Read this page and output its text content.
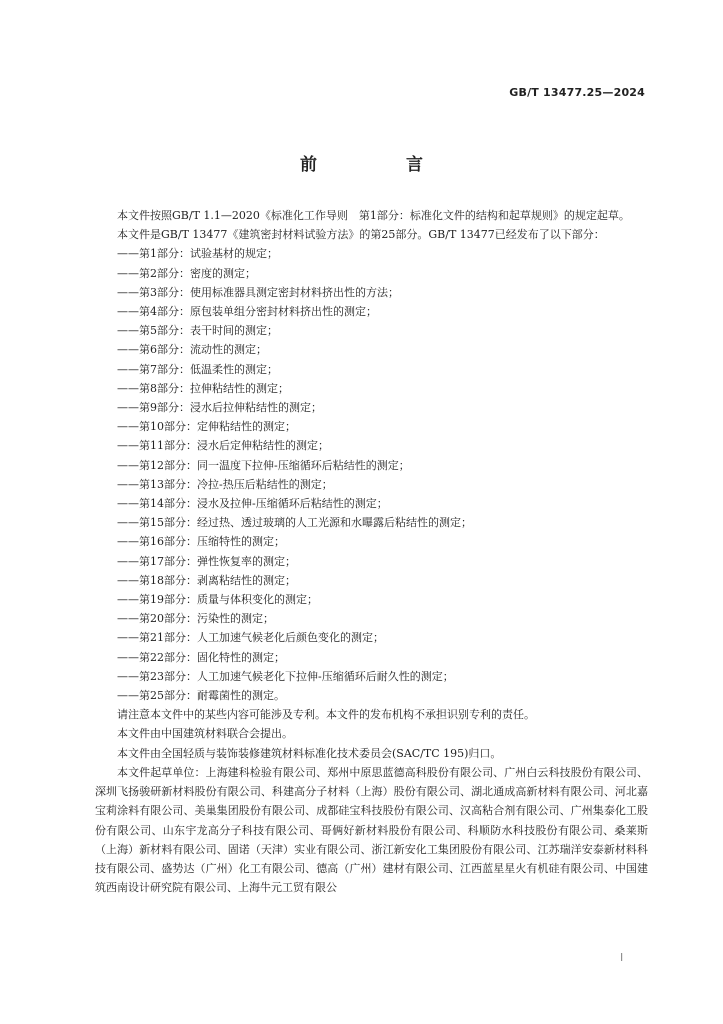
GB/T 13477.25—2024
前　言

本文件按照GB/T 1.1—2020《标准化工作导则　第1部分：标准化文件的结构和起草规则》的规定起草。

本文件是GB/T 13477《建筑密封材料试验方法》的第25部分。GB/T 13477已经发布了以下部分：

——第1部分：试验基材的规定；

——第2部分：密度的测定；

——第3部分：使用标准器具测定密封材料挤出性的方法；

——第4部分：原包装单组分密封材料挤出性的测定；

——第5部分：表干时间的测定；

——第6部分：流动性的测定；

——第7部分：低温柔性的测定；

——第8部分：拉伸粘结性的测定；

——第9部分：浸水后拉伸粘结性的测定；

——第10部分：定伸粘结性的测定；

——第11部分：浸水后定伸粘结性的测定；

——第12部分：同一温度下拉伸-压缩循环后粘结性的测定；

——第13部分：冷拉-热压后粘结性的测定；

——第14部分：浸水及拉伸-压缩循环后粘结性的测定；

——第15部分：经过热、透过玻璃的人工光源和水曝露后粘结性的测定；

——第16部分：压缩特性的测定；

——第17部分：弹性恢复率的测定；

——第18部分：剥离粘结性的测定；

——第19部分：质量与体积变化的测定；

——第20部分：污染性的测定；

——第21部分：人工加速气候老化后颜色变化的测定；

——第22部分：固化特性的测定；

——第23部分：人工加速气候老化下拉伸-压缩循环后耐久性的测定；

——第25部分：耐霉菌性的测定。

请注意本文件中的某些内容可能涉及专利。本文件的发布机构不承担识别专利的责任。

本文件由中国建筑材料联合会提出。

本文件由全国轻质与装饰装修建筑材料标准化技术委员会(SAC/TC 195)归口。

本文件起草单位：上海建科检验有限公司、郑州中原思蓝德高科股份有限公司、广州白云科技股份有限公司、深圳飞扬骏研新材料股份有限公司、科建高分子材料（上海）股份有限公司、湖北通成高新材料有限公司、河北嘉宝莉涂料有限公司、美巢集团股份有限公司、成都硅宝科技股份有限公司、汉高粘合剂有限公司、广州集泰化工股份有限公司、山东宇龙高分子科技有限公司、哥俩好新材料股份有限公司、科顺防水科技股份有限公司、桑莱斯（上海）新材料有限公司、固诺（天津）实业有限公司、浙江新安化工集团股份有限公司、江苏瑞洋安泰新材料科技有限公司、盛势达（广州）化工有限公司、德高（广州）建材有限公司、江西蓝星星火有机硅有限公司、中国建筑西南设计研究院有限公司、上海牛元工贸有限公

I
